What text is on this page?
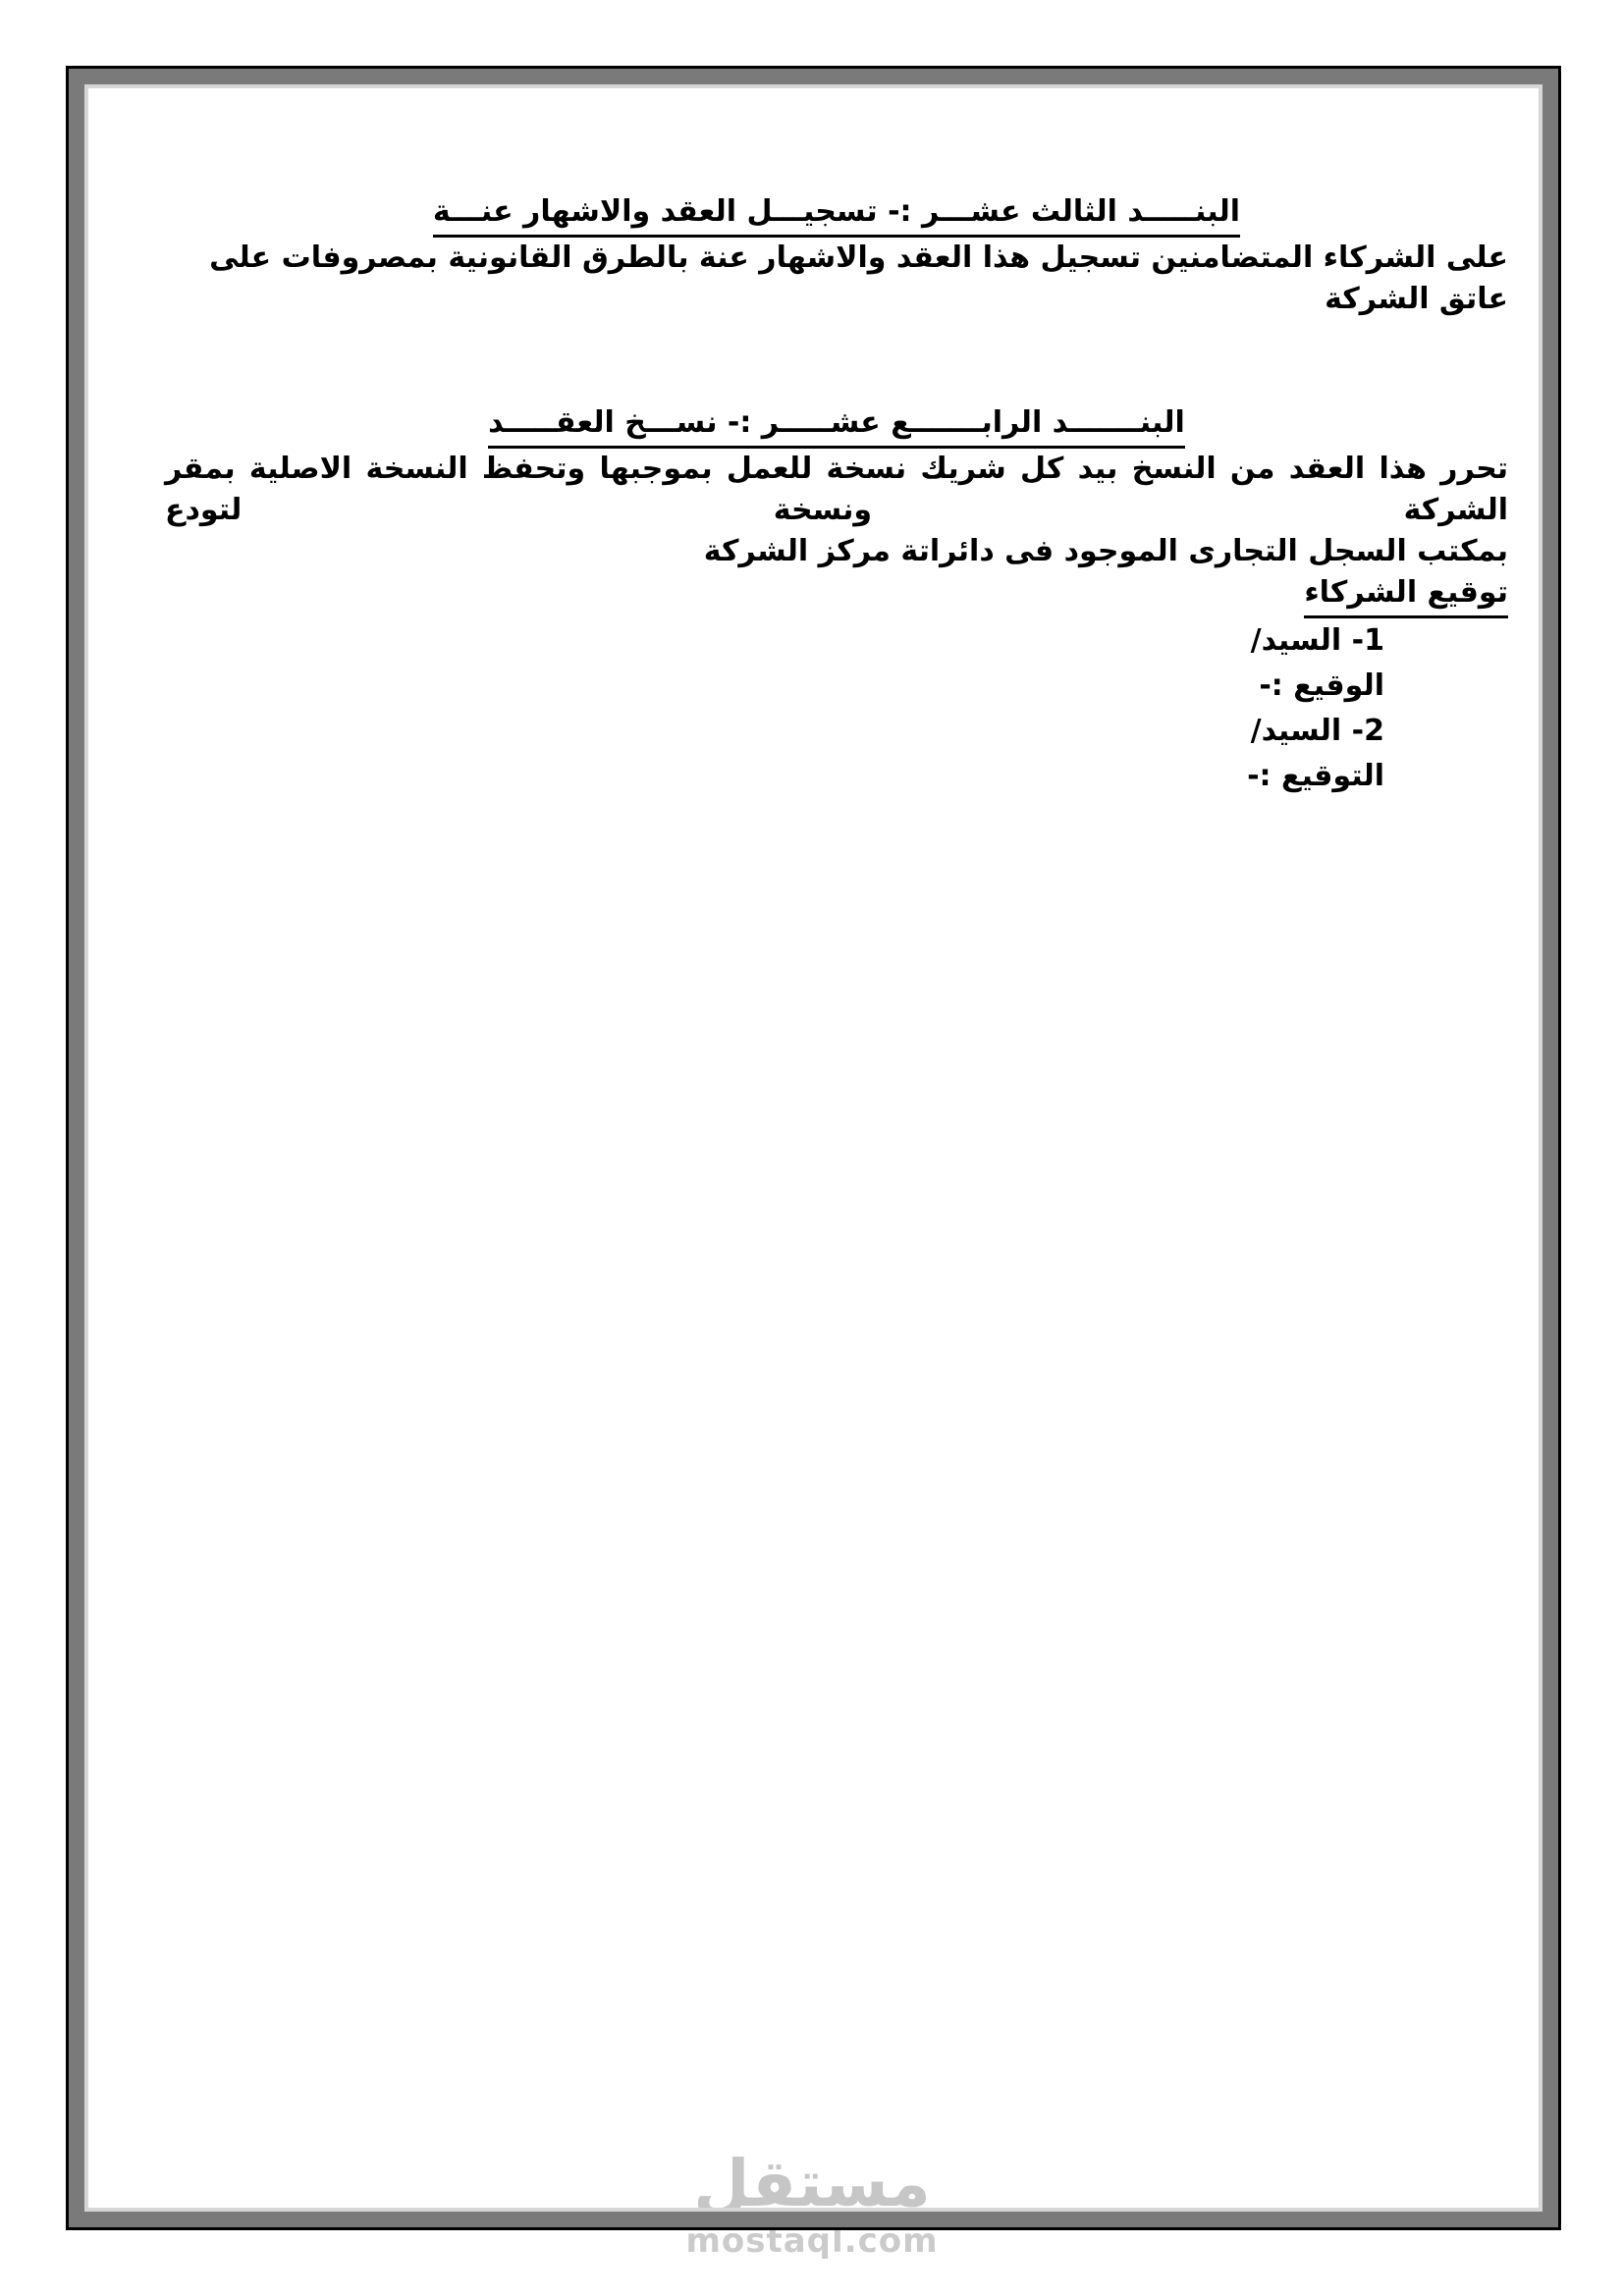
مستقل
mostaql.com
البنـــــد الثالث عشـــر :- تسجيـــل العقد والاشهار عنـــة
على الشركاء المتضامنين تسجيل هذا العقد والاشهار عنة بالطرق القانونية بمصروفات على عاتق الشركة
البنـــــــد الرابـــــــع عشـــــر :- نســـخ العقـــــد
تحرر هذا العقد من النسخ بيد كل شريك نسخة للعمل بموجبها وتحفظ النسخة الاصلية بمقر الشركة ونسخة لتودع
بمكتب السجل التجارى الموجود فى دائراتة مركز الشركة
توقيع الشركاء
1- السيد/
الوقيع :-
2- السيد/
التوقيع :-
